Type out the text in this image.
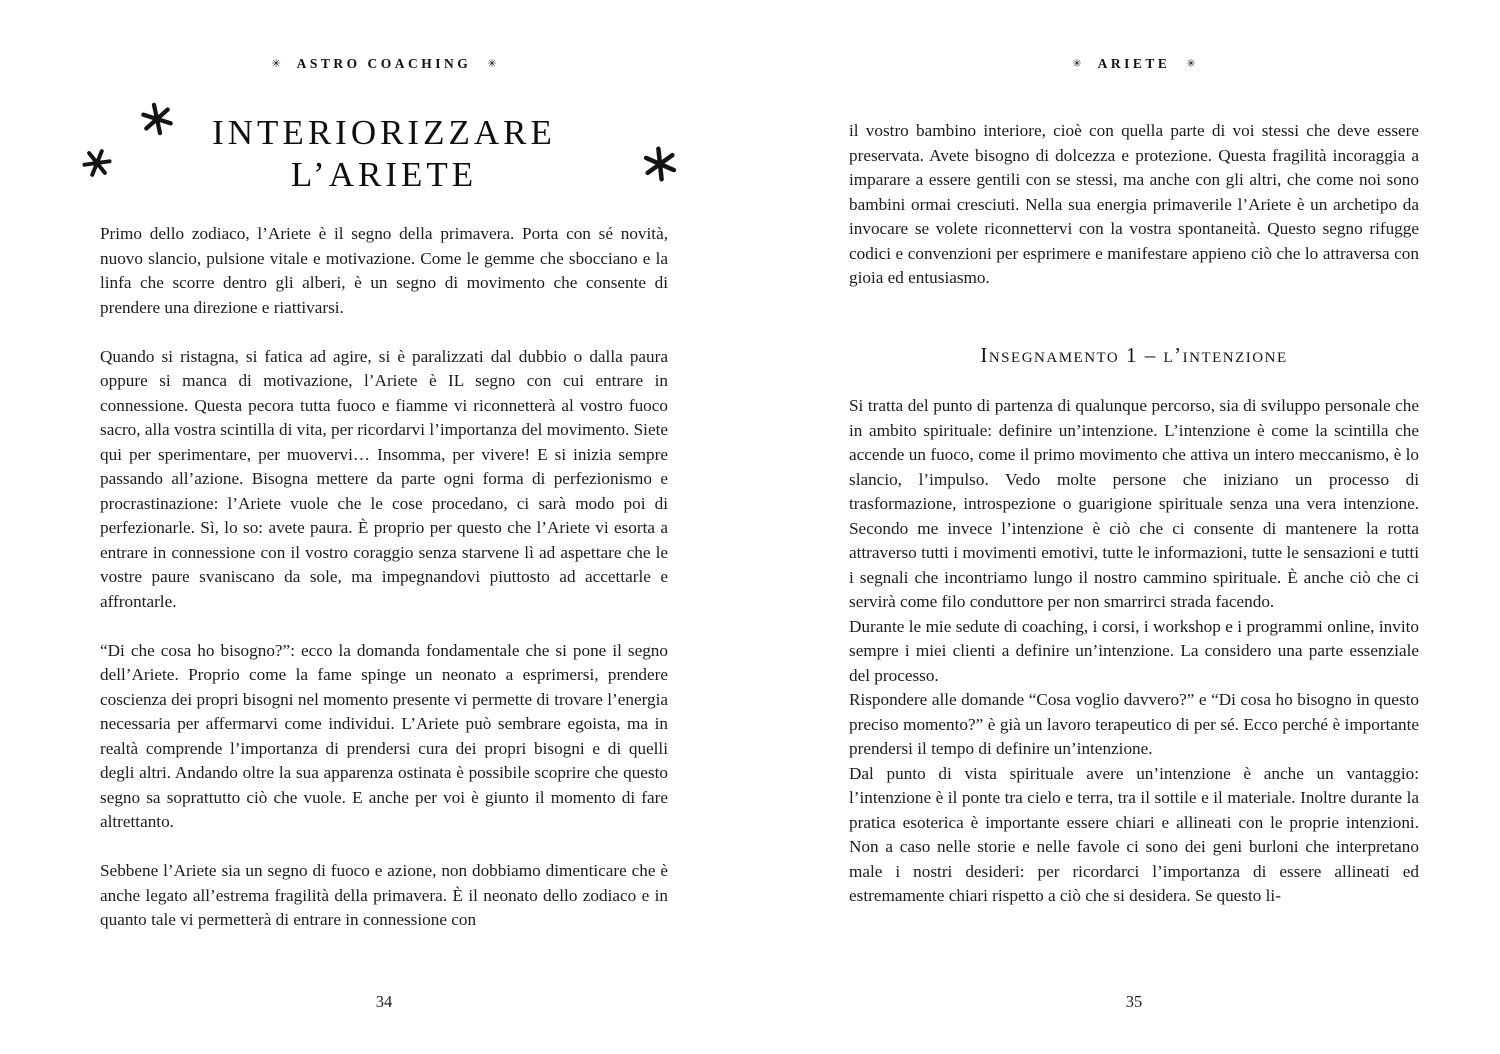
✳ ASTRO COACHING ✳
INTERIORIZZARE
L’ARIETE

Primo dello zodiaco, l’Ariete è il segno della primavera. Porta con sé novità, nuovo slancio, pulsione vitale e motivazione. Come le gemme che sbocciano e la linfa che scorre dentro gli alberi, è un segno di movimento che consente di prendere una direzione e riattivarsi.

Quando si ristagna, si fatica ad agire, si è paralizzati dal dubbio o dalla paura oppure si manca di motivazione, l’Ariete è IL segno con cui entrare in connessione. Questa pecora tutta fuoco e fiamme vi riconnetterà al vostro fuoco sacro, alla vostra scintilla di vita, per ricordarvi l’importanza del movimento. Siete qui per sperimentare, per muovervi… Insomma, per vivere! E si inizia sempre passando all’azione. Bisogna mettere da parte ogni forma di perfezionismo e procrastinazione: l’Ariete vuole che le cose procedano, ci sarà modo poi di perfezionarle. Sì, lo so: avete paura. È proprio per questo che l’Ariete vi esorta a entrare in connessione con il vostro coraggio senza starvene lì ad aspettare che le vostre paure svaniscano da sole, ma impegnandovi piuttosto ad accettarle e affrontarle.

“Di che cosa ho bisogno?”: ecco la domanda fondamentale che si pone il segno dell’Ariete. Proprio come la fame spinge un neonato a esprimersi, prendere coscienza dei propri bisogni nel momento presente vi permette di trovare l’energia necessaria per affermarvi come individui. L’Ariete può sembrare egoista, ma in realtà comprende l’importanza di prendersi cura dei propri bisogni e di quelli degli altri. Andando oltre la sua apparenza ostinata è possibile scoprire che questo segno sa soprattutto ciò che vuole. E anche per voi è giunto il momento di fare altrettanto.

Sebbene l’Ariete sia un segno di fuoco e azione, non dobbiamo dimenticare che è anche legato all’estrema fragilità della primavera. È il neonato dello zodiaco e in quanto tale vi permetterà di entrare in connessione con

34
✳ ARIETE ✳

il vostro bambino interiore, cioè con quella parte di voi stessi che deve essere preservata. Avete bisogno di dolcezza e protezione. Questa fragilità incoraggia a imparare a essere gentili con se stessi, ma anche con gli altri, che come noi sono bambini ormai cresciuti. Nella sua energia primaverile l’Ariete è un archetipo da invocare se volete riconnettervi con la vostra spontaneità. Questo segno rifugge codici e convenzioni per esprimere e manifestare appieno ciò che lo attraversa con gioia ed entusiasmo.

Insegnamento 1 – l’intenzione

Si tratta del punto di partenza di qualunque percorso, sia di sviluppo personale che in ambito spirituale: definire un’intenzione. L’intenzione è come la scintilla che accende un fuoco, come il primo movimento che attiva un intero meccanismo, è lo slancio, l’impulso. Vedo molte persone che iniziano un processo di trasformazione, introspezione o guarigione spirituale senza una vera intenzione. Secondo me invece l’intenzione è ciò che ci consente di mantenere la rotta attraverso tutti i movimenti emotivi, tutte le informazioni, tutte le sensazioni e tutti i segnali che incontriamo lungo il nostro cammino spirituale. È anche ciò che ci servirà come filo conduttore per non smarrirci strada facendo.

Durante le mie sedute di coaching, i corsi, i workshop e i programmi online, invito sempre i miei clienti a definire un’intenzione. La considero una parte essenziale del processo.

Rispondere alle domande “Cosa voglio davvero?” e “Di cosa ho bisogno in questo preciso momento?” è già un lavoro terapeutico di per sé. Ecco perché è importante prendersi il tempo di definire un’intenzione.

Dal punto di vista spirituale avere un’intenzione è anche un vantaggio: l’intenzione è il ponte tra cielo e terra, tra il sottile e il materiale. Inoltre durante la pratica esoterica è importante essere chiari e allineati con le proprie intenzioni. Non a caso nelle storie e nelle favole ci sono dei geni burloni che interpretano male i nostri desideri: per ricordarci l’importanza di essere allineati ed estremamente chiari rispetto a ciò che si desidera. Se questo li-

35
